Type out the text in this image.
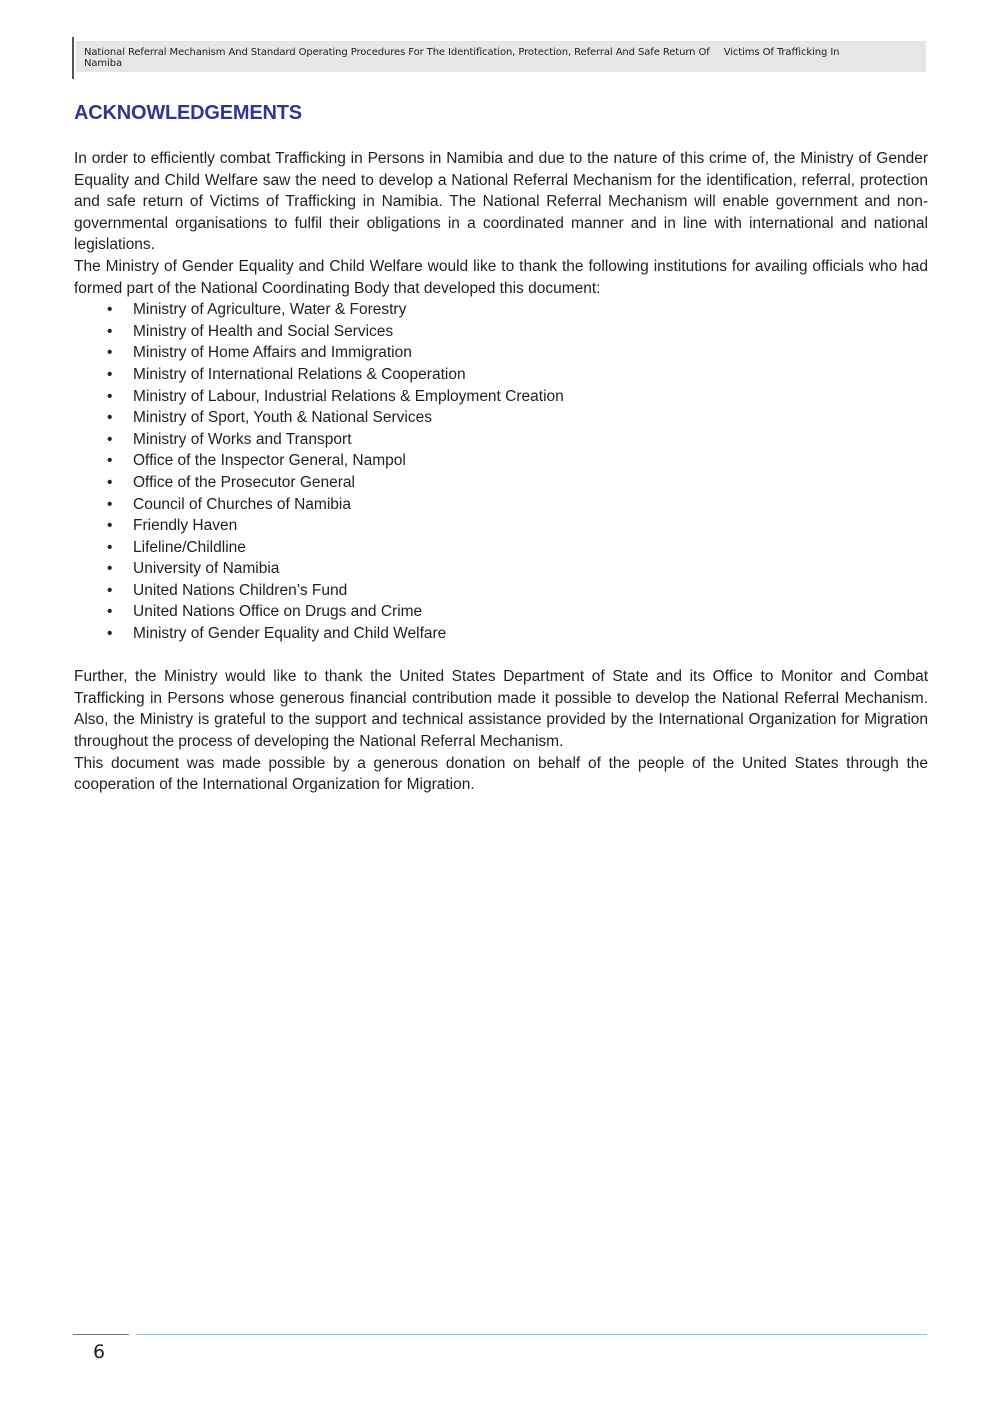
National Referral Mechanism And Standard Operating Procedures For The Identification, Protection, Referral And Safe Return Of Victims Of Trafficking In
Namiba
ACKNOWLEDGEMENTS

In order to efficiently combat Trafficking in Persons in Namibia and due to the nature of this crime of, the Ministry of Gender Equality and Child Welfare saw the need to develop a National Referral Mechanism for the identification, referral, protection and safe return of Victims of Trafficking in Namibia. The National Referral Mechanism will enable government and non-governmental organisations to fulfil their obligations in a coordinated manner and in line with international and national legislations.

The Ministry of Gender Equality and Child Welfare would like to thank the following institutions for availing officials who had formed part of the National Coordinating Body that developed this document:

• Ministry of Agriculture, Water & Forestry
• Ministry of Health and Social Services
• Ministry of Home Affairs and Immigration
• Ministry of International Relations & Cooperation
• Ministry of Labour, Industrial Relations & Employment Creation
• Ministry of Sport, Youth & National Services
• Ministry of Works and Transport
• Office of the Inspector General, Nampol
• Office of the Prosecutor General
• Council of Churches of Namibia
• Friendly Haven
• Lifeline/Childline
• University of Namibia
• United Nations Children’s Fund
• United Nations Office on Drugs and Crime
• Ministry of Gender Equality and Child Welfare

Further, the Ministry would like to thank the United States Department of State and its Office to Monitor and Combat Trafficking in Persons whose generous financial contribution made it possible to develop the National Referral Mechanism. Also, the Ministry is grateful to the support and technical assistance provided by the International Organization for Migration throughout the process of developing the National Referral Mechanism.

This document was made possible by a generous donation on behalf of the people of the United States through the cooperation of the International Organization for Migration.

6
